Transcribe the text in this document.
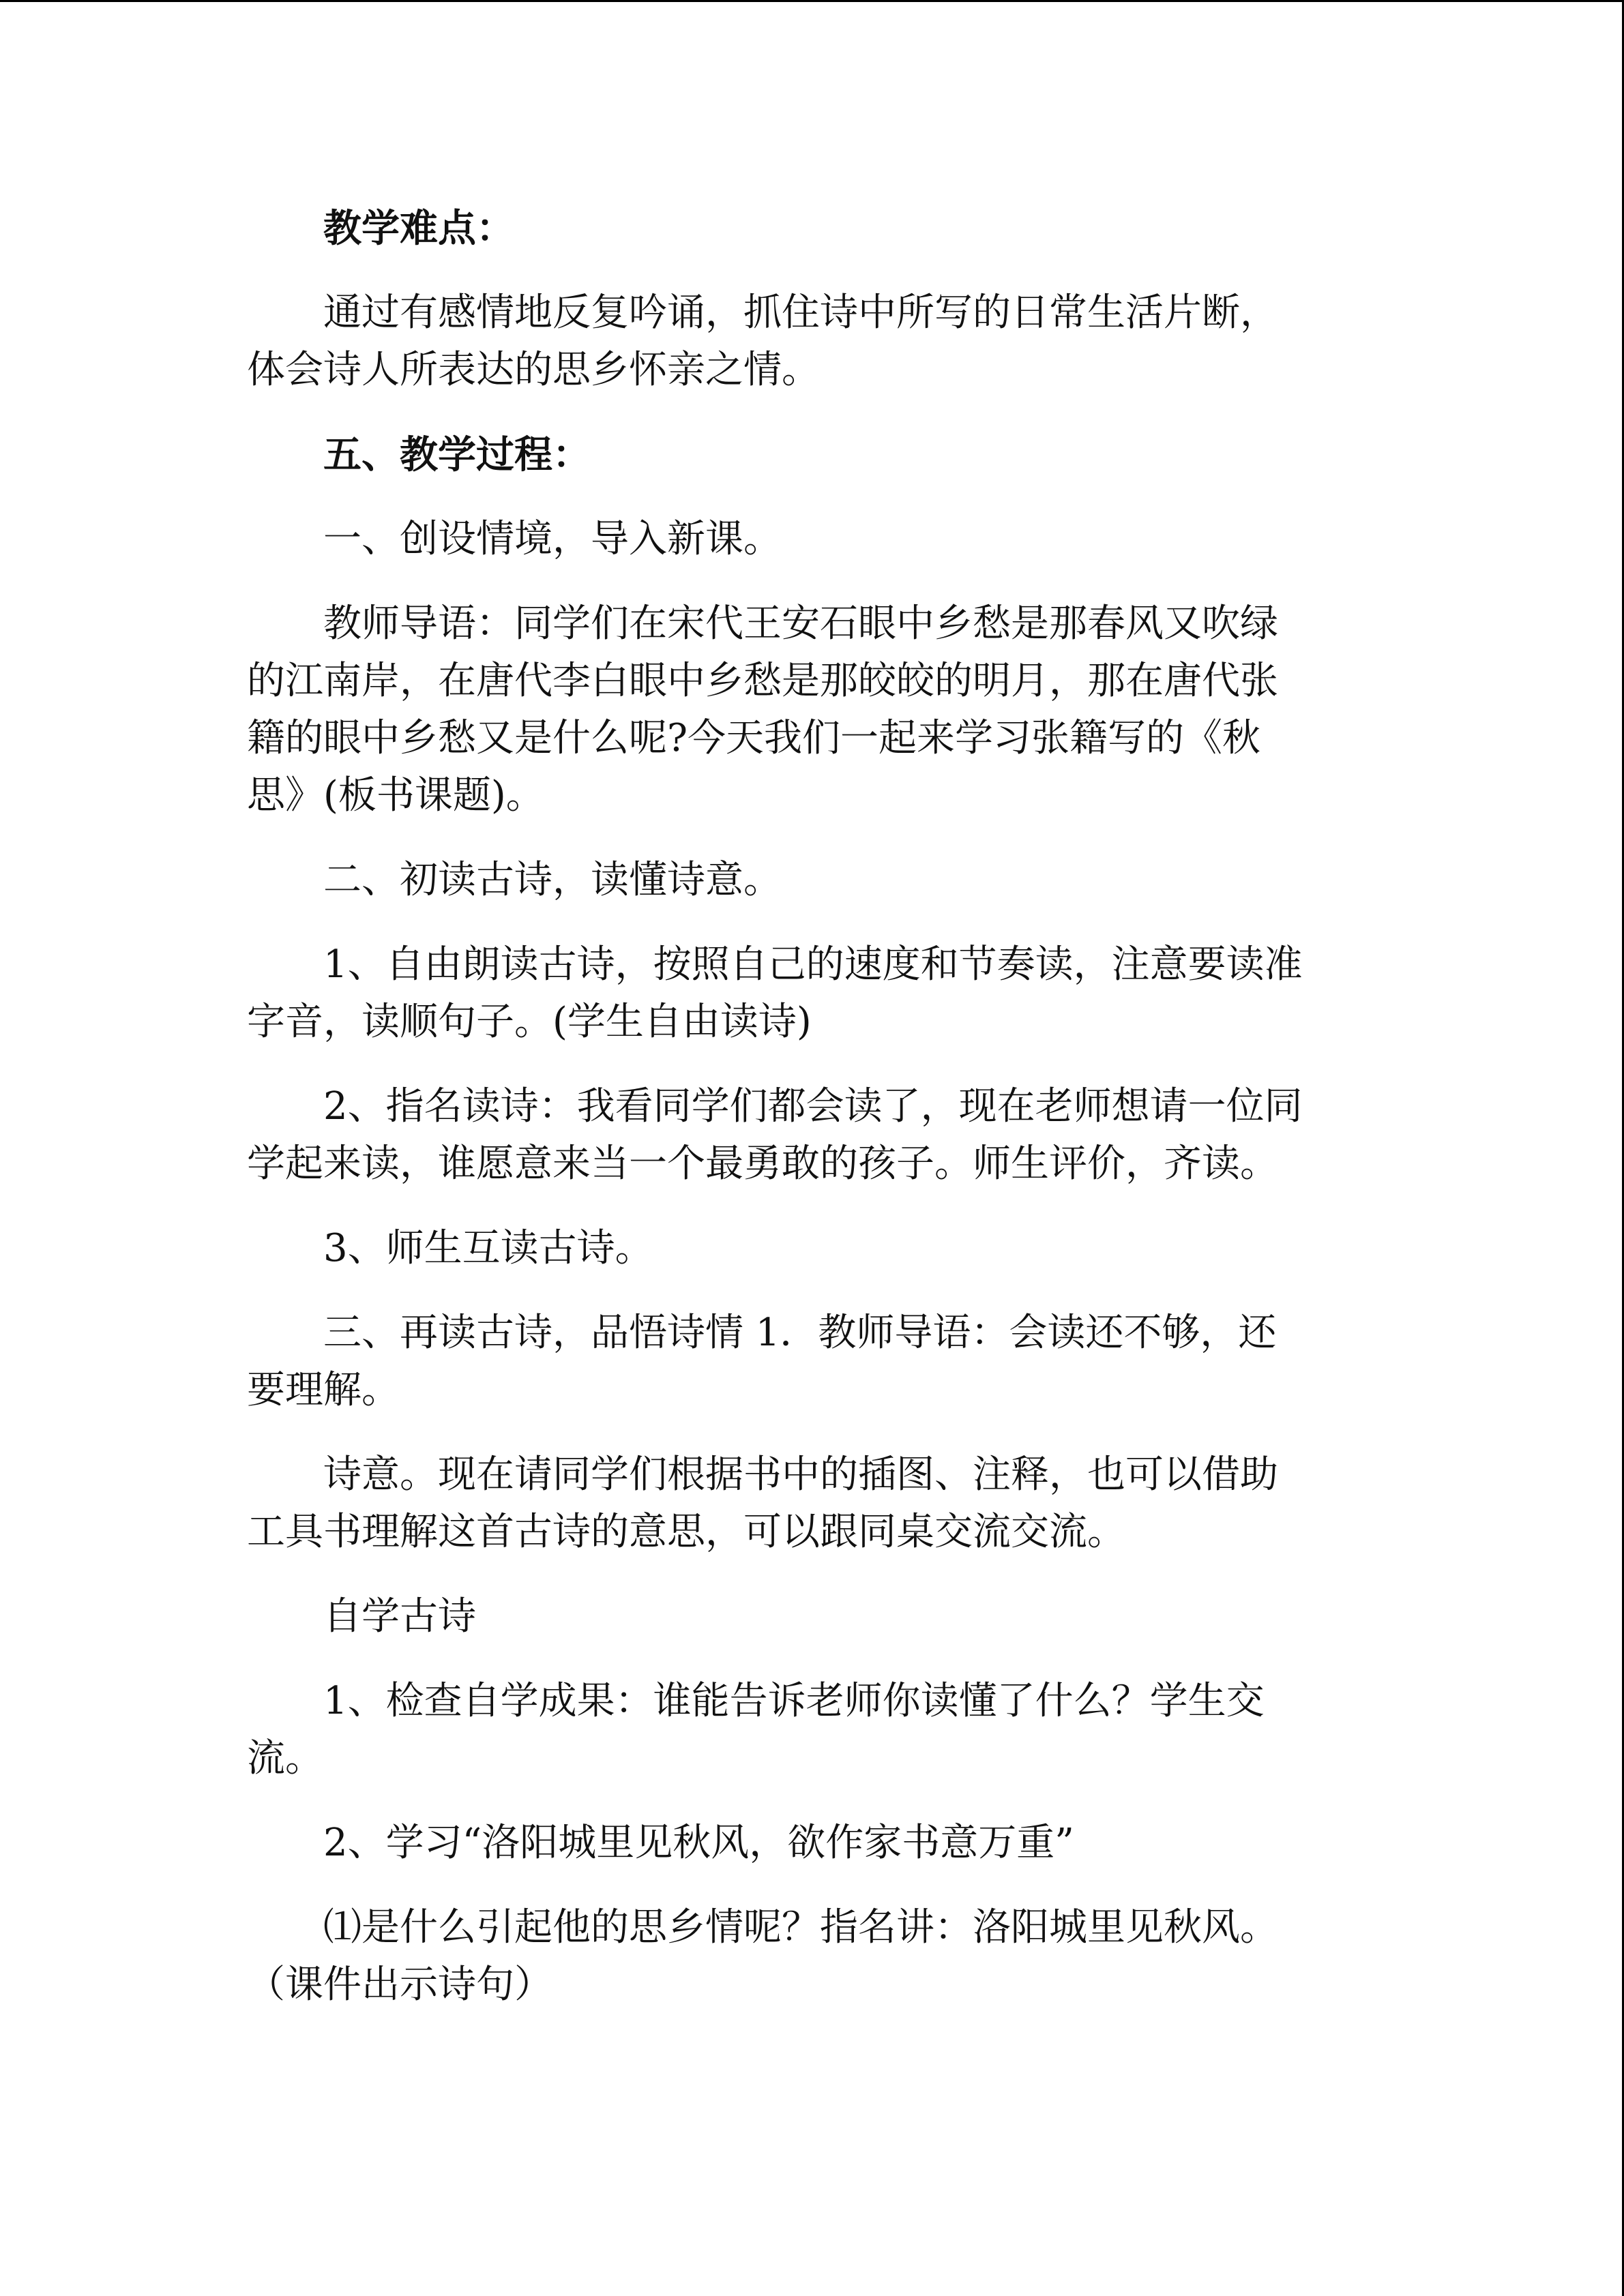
教学难点：

通过有感情地反复吟诵，抓住诗中所写的日常生活片断，
体会诗人所表达的思乡怀亲之情。

五、教学过程：

一、创设情境，导入新课。

教师导语：同学们在宋代王安石眼中乡愁是那春风又吹绿
的江南岸，在唐代李白眼中乡愁是那皎皎的明月，那在唐代张
籍的眼中乡愁又是什么呢?今天我们一起来学习张籍写的《秋
思》(板书课题)。

二、初读古诗，读懂诗意。

1、自由朗读古诗，按照自己的速度和节奏读，注意要读准
字音，读顺句子。(学生自由读诗)

2、指名读诗：我看同学们都会读了，现在老师想请一位同
学起来读，谁愿意来当一个最勇敢的孩子。师生评价，齐读。

3、师生互读古诗。

三、再读古诗，品悟诗情 1．教师导语：会读还不够，还
要理解。

诗意。现在请同学们根据书中的插图、注释，也可以借助
工具书理解这首古诗的意思，可以跟同桌交流交流。

自学古诗

1、检查自学成果：谁能告诉老师你读懂了什么？学生交
流。

2、学习“洛阳城里见秋风，欲作家书意万重”

⑴是什么引起他的思乡情呢？指名讲：洛阳城里见秋风。
（课件出示诗句）
